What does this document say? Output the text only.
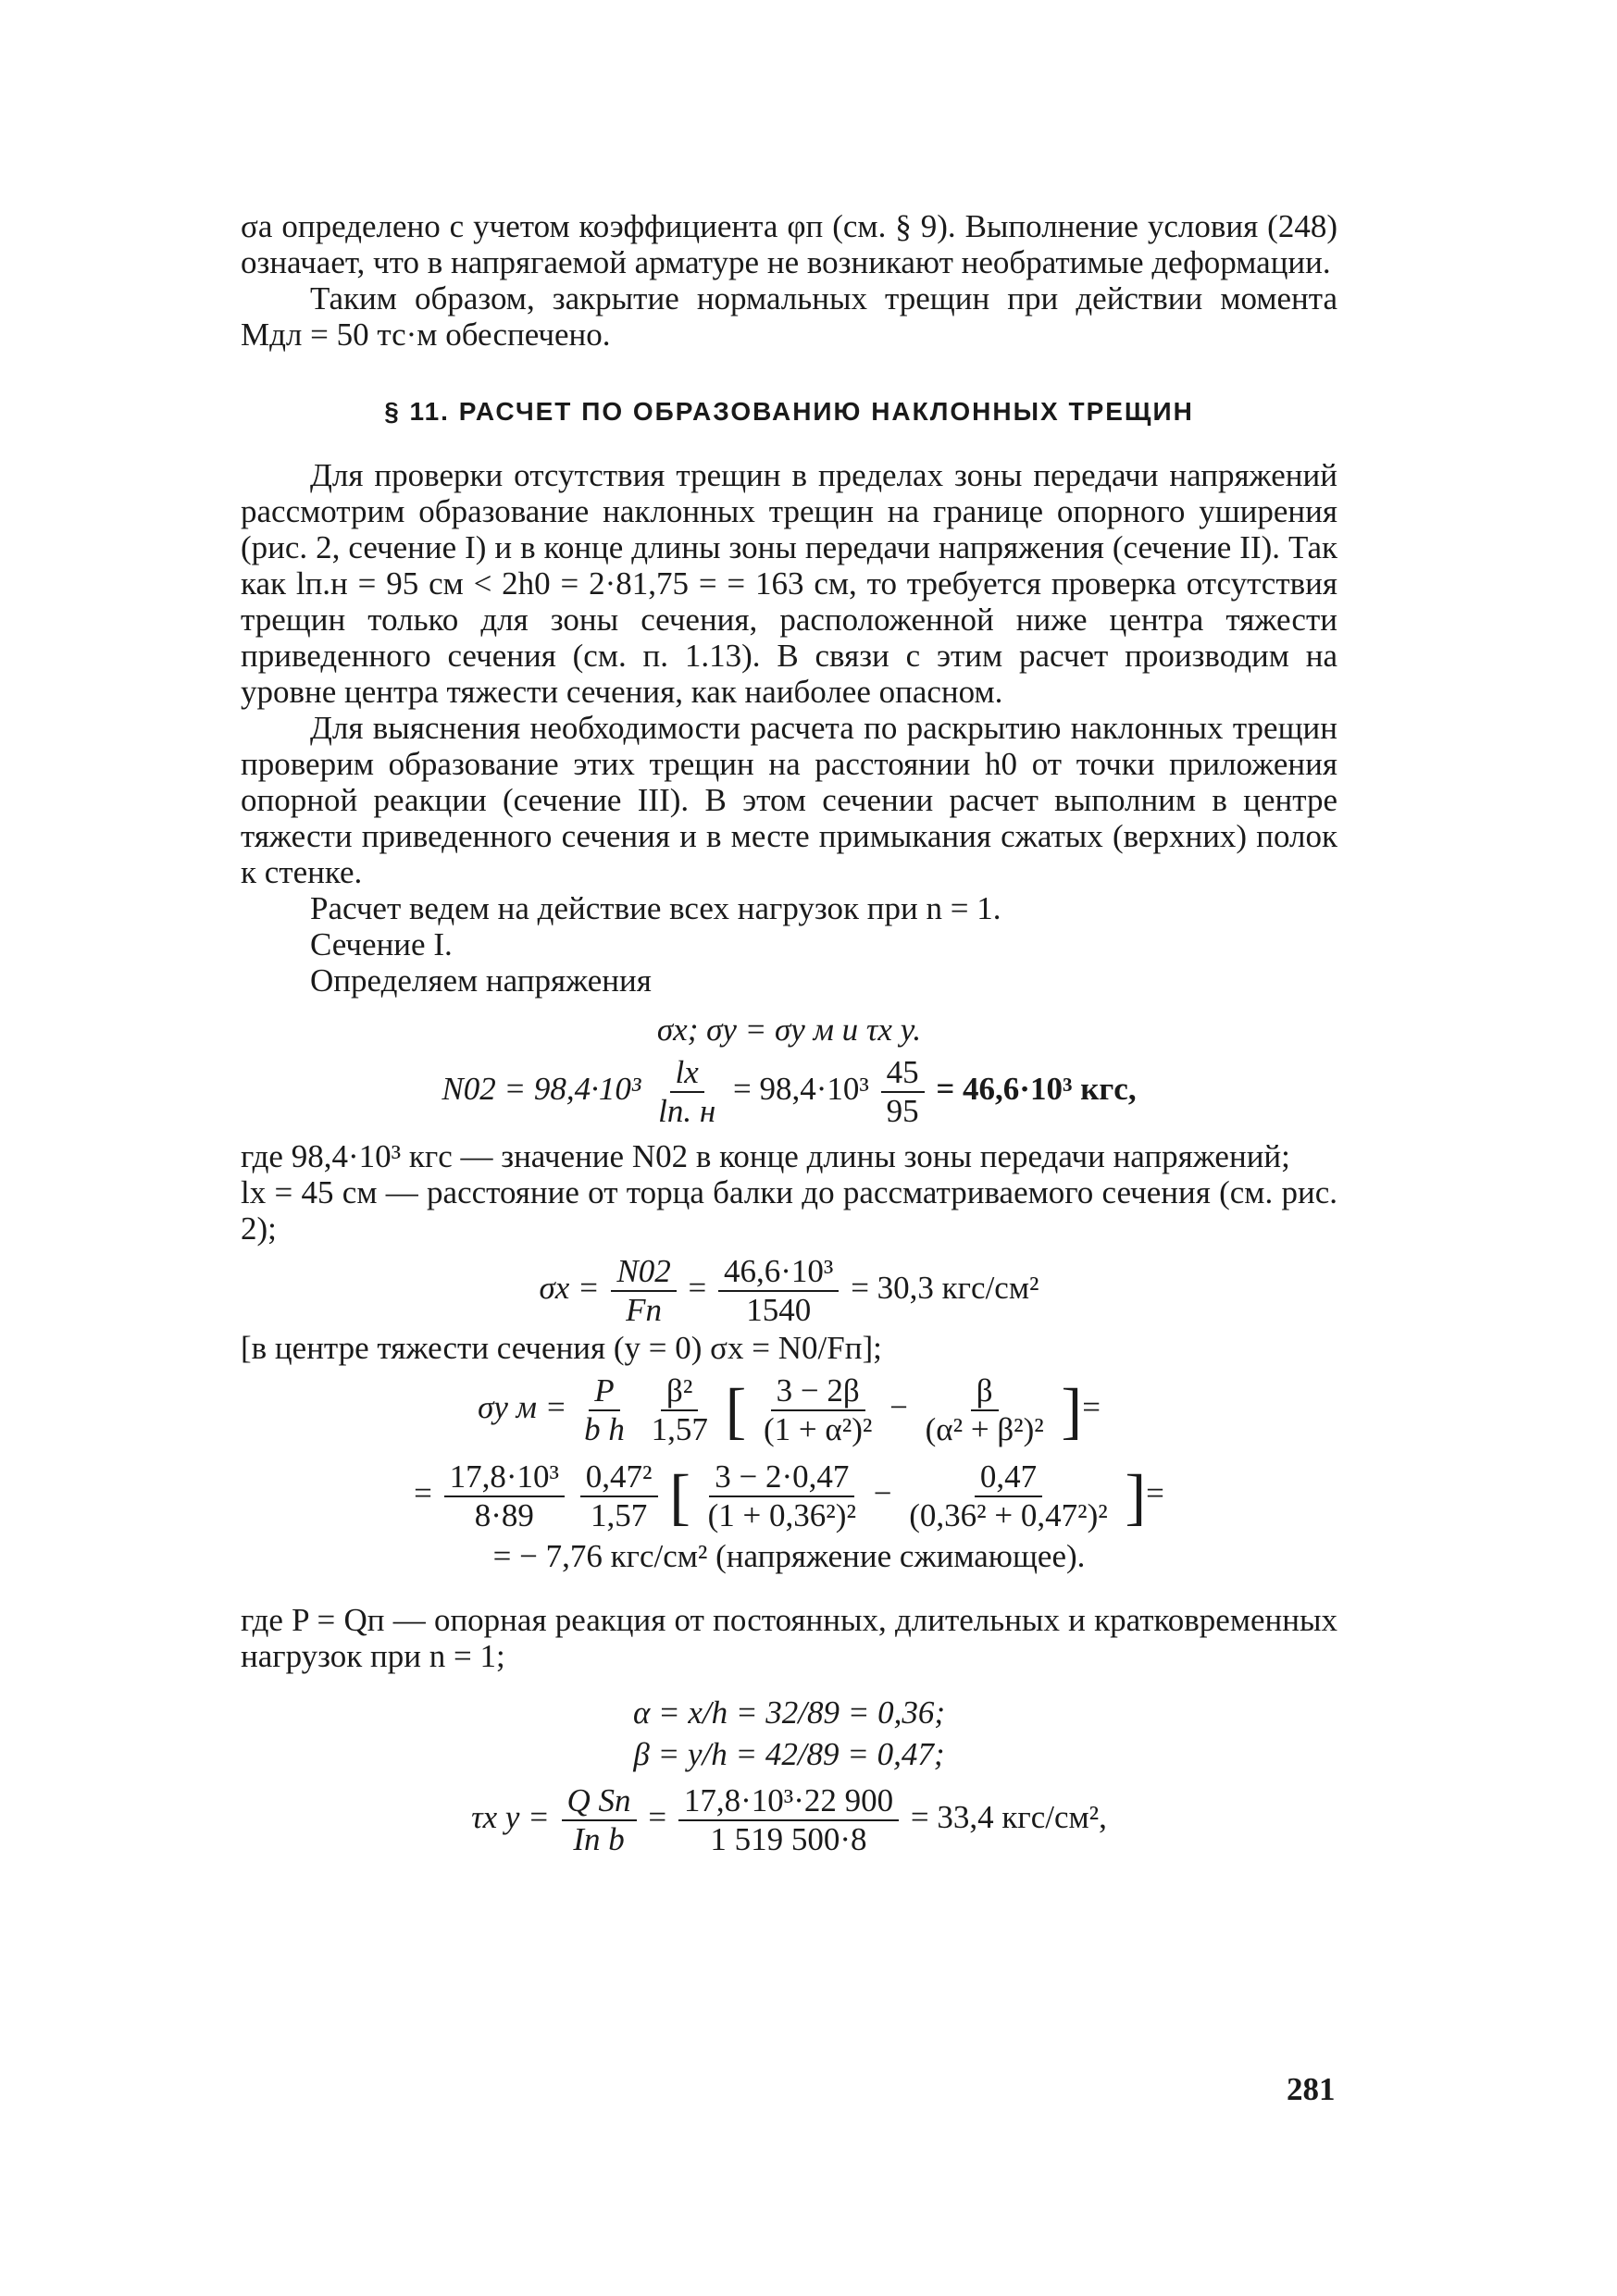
σа определено с учетом коэффициента φп (см. § 9). Выполнение условия (248) означает, что в напрягаемой арматуре не возникают необратимые деформации.

Таким образом, закрытие нормальных трещин при действии момента Mдл = 50 тс·м обеспечено.

§ 11. РАСЧЕТ ПО ОБРАЗОВАНИЮ НАКЛОННЫХ ТРЕЩИН

Для проверки отсутствия трещин в пределах зоны передачи напряжений рассмотрим образование наклонных трещин на границе опорного уширения (рис. 2, сечение I) и в конце длины зоны передачи напряжения (сечение II). Так как lп.н = 95 см < 2h0 = 2·81,75 = = 163 см, то требуется проверка отсутствия трещин только для зоны сечения, расположенной ниже центра тяжести приведенного сечения (см. п. 1.13). В связи с этим расчет производим на уровне центра тяжести сечения, как наиболее опасном.

Для выяснения необходимости расчета по раскрытию наклонных трещин проверим образование этих трещин на расстоянии h0 от точки приложения опорной реакции (сечение III). В этом сечении расчет выполним в центре тяжести приведенного сечения и в месте примыкания сжатых (верхних) полок к стенке.

Расчет ведем на действие всех нагрузок при n = 1.

Сечение I.

Определяем напряжения

σx; σy = σy м и τx y.
$N02 = 98,4\cdot 10^3 \frac{lx}{lп. н} = 98,4\cdot 10^3 \frac{45}{95} = 46,6\cdot 10^3$ кгс,

где 98,4·10³ кгс — значение N02 в конце длины зоны передачи напряжений;

lx = 45 см — расстояние от торца балки до рассматриваемого сечения (см. рис. 2);

$\sigma x = \frac{N02}{Fп} = \frac{\text{46,6·10³}}{1540} = 30,3$ кгс/см²

[в центре тяжести сечения (y = 0) σx = N0/Fп];

σy $м = \frac{P}{\text{b h}}$
$\frac{\text{β²}}{1,57}$ [ $\frac{3 - 2\beta}{\text{(1 + α²)²}} - \frac{\beta}{\text{(α² + β²)²}}$ ]=
= $\frac{\text{17,8·10³}}{8\cdot 89}$
$\frac{\text{0,47²}}{1,57}$ [ $\frac{3 - 2\cdot 0,47}{\text{(1 + 0,36²)²}} - \frac{0,47}{\text{(0,36² + 0,47²)²}}$ ]=
= − 7,76 кгс/см² (напряжение сжимающее).

где P = Qп — опорная реакция от постоянных, длительных и кратковременных нагрузок при n = 1;

α = x/h = 32/89 = 0,36;
β = y/h = 42/89 = 0,47;
τx $y = \frac{\text{Q Sп}}{\text{Iп b}} = \frac{\text{17,8·10³·22 900}}{1 519 500\cdot 8} = 33,4$ кгс/см²,
281
